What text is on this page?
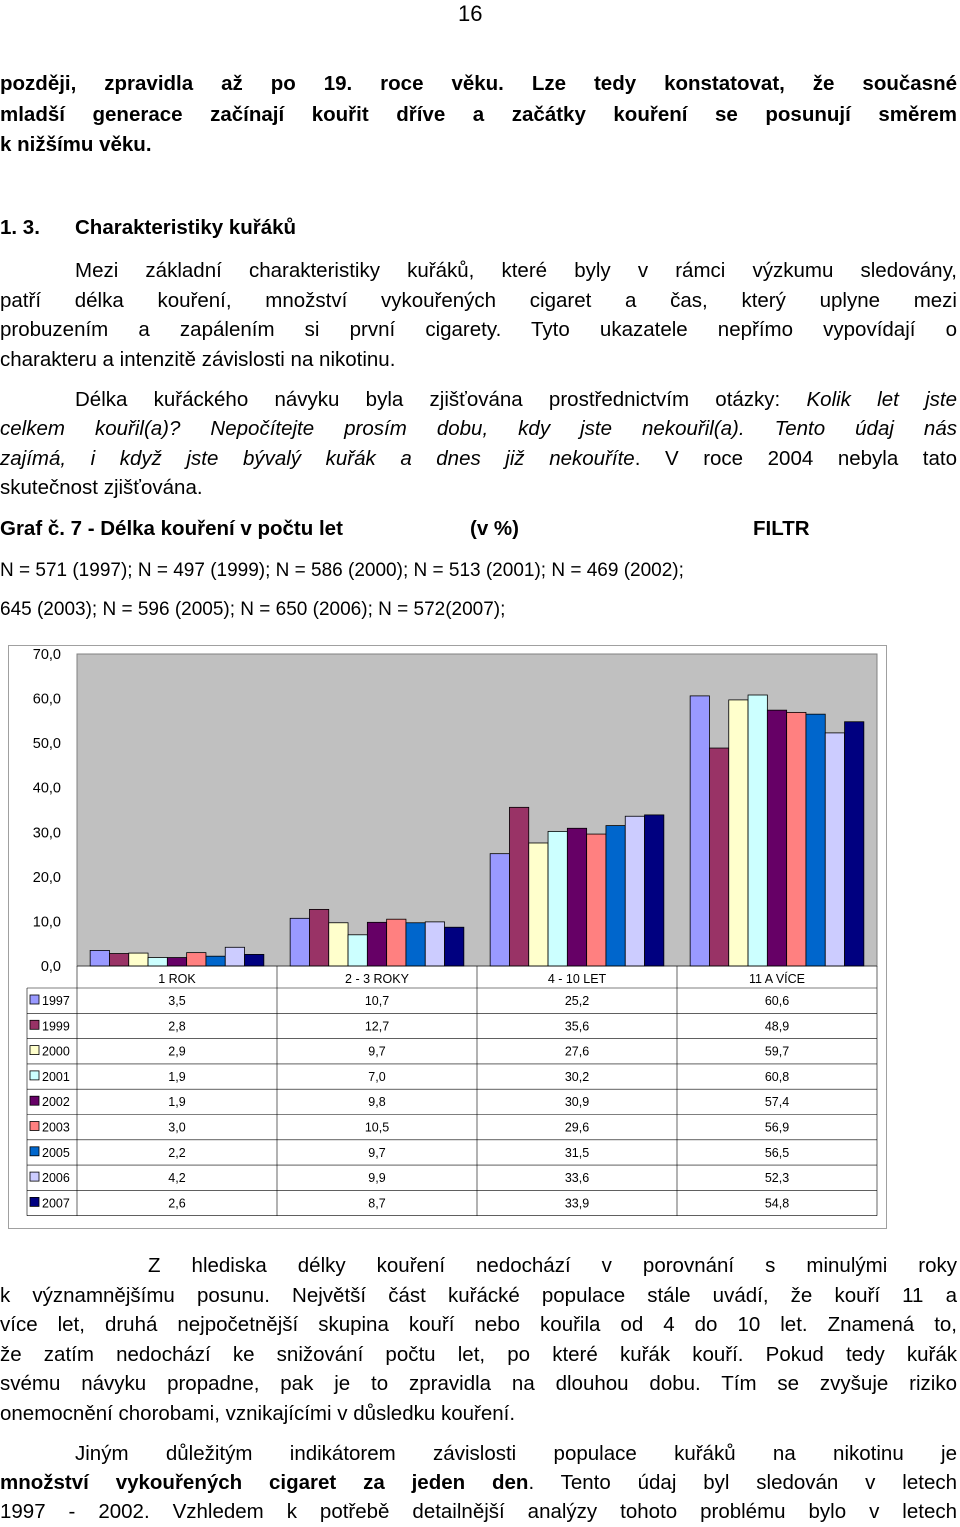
16
později, zpravidla až po 19. roce věku. Lze tedy konstatovat, že současné
mladší generace začínají kouřit dříve a začátky kouření se posunují směrem
k nižšímu věku.
1. 3. Charakteristiky kuřáků
Mezi základní charakteristiky kuřáků, které byly v rámci výzkumu sledovány,
patří délka kouření, množství vykouřených cigaret a čas, který uplyne mezi
probuzením a zapálením si první cigarety. Tyto ukazatele nepřímo vypovídají o
charakteru a intenzitě závislosti na nikotinu.
Délka kuřáckého návyku byla zjišťována prostřednictvím otázky: Kolik let jste
celkem kouřil(a)? Nepočítejte prosím dobu, kdy jste nekouřil(a). Tento údaj nás
zajímá, i když jste bývalý kuřák a dnes již nekouříte. V roce 2004 nebyla tato
skutečnost zjišťována.
Graf č. 7 - Délka kouření v počtu let	(v %)	FILTR
N = 571 (1997); N = 497 (1999); N = 586 (2000); N = 513 (2001); N = 469 (2002);
645 (2003); N = 596 (2005); N = 650 (2006); N = 572(2007);
70,0
60,0
50,0
40,0
30,0
20,0
10,0
0,0
1 ROK	2 - 3 ROKY	4 - 10 LET	11 A VÍCE
1997	3,5	10,7	25,2	60,6
1999	2,8	12,7	35,6	48,9
2000	2,9	9,7	27,6	59,7
2001	1,9	7,0	30,2	60,8
2002	1,9	9,8	30,9	57,4
2003	3,0	10,5	29,6	56,9
2005	2,2	9,7	31,5	56,5
2006	4,2	9,9	33,6	52,3
2007	2,6	8,7	33,9	54,8
Z hlediska délky kouření nedochází v porovnání s minulými roky
k významnějšímu posunu. Největší část kuřácké populace stále uvádí, že kouří 11 a
více let, druhá nejpočetnější skupina kouří nebo kouřila od 4 do 10 let. Znamená to,
že zatím nedochází ke snižování počtu let, po které kuřák kouří. Pokud tedy kuřák
svému návyku propadne, pak je to zpravidla na dlouhou dobu. Tím se zvyšuje riziko
onemocnění chorobami, vznikajícími v důsledku kouření.
Jiným důležitým indikátorem závislosti populace kuřáků na nikotinu je
množství vykouřených cigaret za jeden den. Tento údaj byl sledován v letech
1997 - 2002. Vzhledem k potřebě detailnější analýzy tohoto problému bylo v letech
